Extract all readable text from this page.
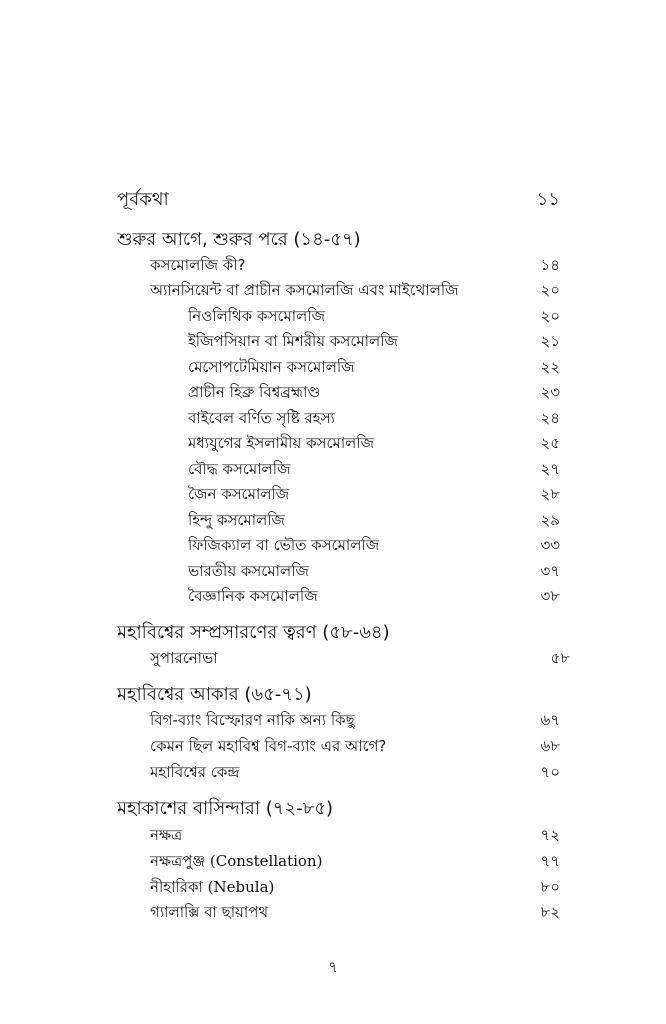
পূর্বকথা	১১
শুরুর আগে, শুরুর পরে (১৪-৫৭)
কসমোলজি কী?	১৪
অ্যানসিয়েন্ট বা প্রাচীন কসমোলজি এবং মাইথোলজি	২০
নিওলিথিক কসমোলজি	২০
ইজিপসিয়ান বা মিশরীয় কসমোলজি	২১
মেসোপটেমিয়ান কসমোলজি	২২
প্রাচীন হিব্রু বিশ্বব্রহ্মাণ্ড	২৩
বাইবেল বর্ণিত সৃষ্টি রহস্য	২৪
মধ্যযুগের ইসলামীয় কসমোলজি	২৫
বৌদ্ধ কসমোলজি	২৭
জৈন কসমোলজি	২৮
হিন্দু কসমোলজি	২৯
ফিজিক্যাল বা ভৌত কসমোলজি	৩৩
ভারতীয় কসমোলজি	৩৭
বৈজ্ঞানিক কসমোলজি	৩৮
মহাবিশ্বের সম্প্রসারণের ত্বরণ (৫৮-৬৪)
সুপারনোভা	৫৮
মহাবিশ্বের আকার (৬৫-৭১)
বিগ-ব্যাং বিস্ফোরণ নাকি অন্য কিছু	৬৭
কেমন ছিল মহাবিশ্ব বিগ-ব্যাং এর আগে?	৬৮
মহাবিশ্বের কেন্দ্র	৭০
মহাকাশের বাসিন্দারা (৭২-৮৫)
নক্ষত্র	৭২
নক্ষত্রপুঞ্জ (Constellation)	৭৭
নীহারিকা (Nebula)	৮০
গ্যালাক্সি বা ছায়াপথ	৮২
৭
